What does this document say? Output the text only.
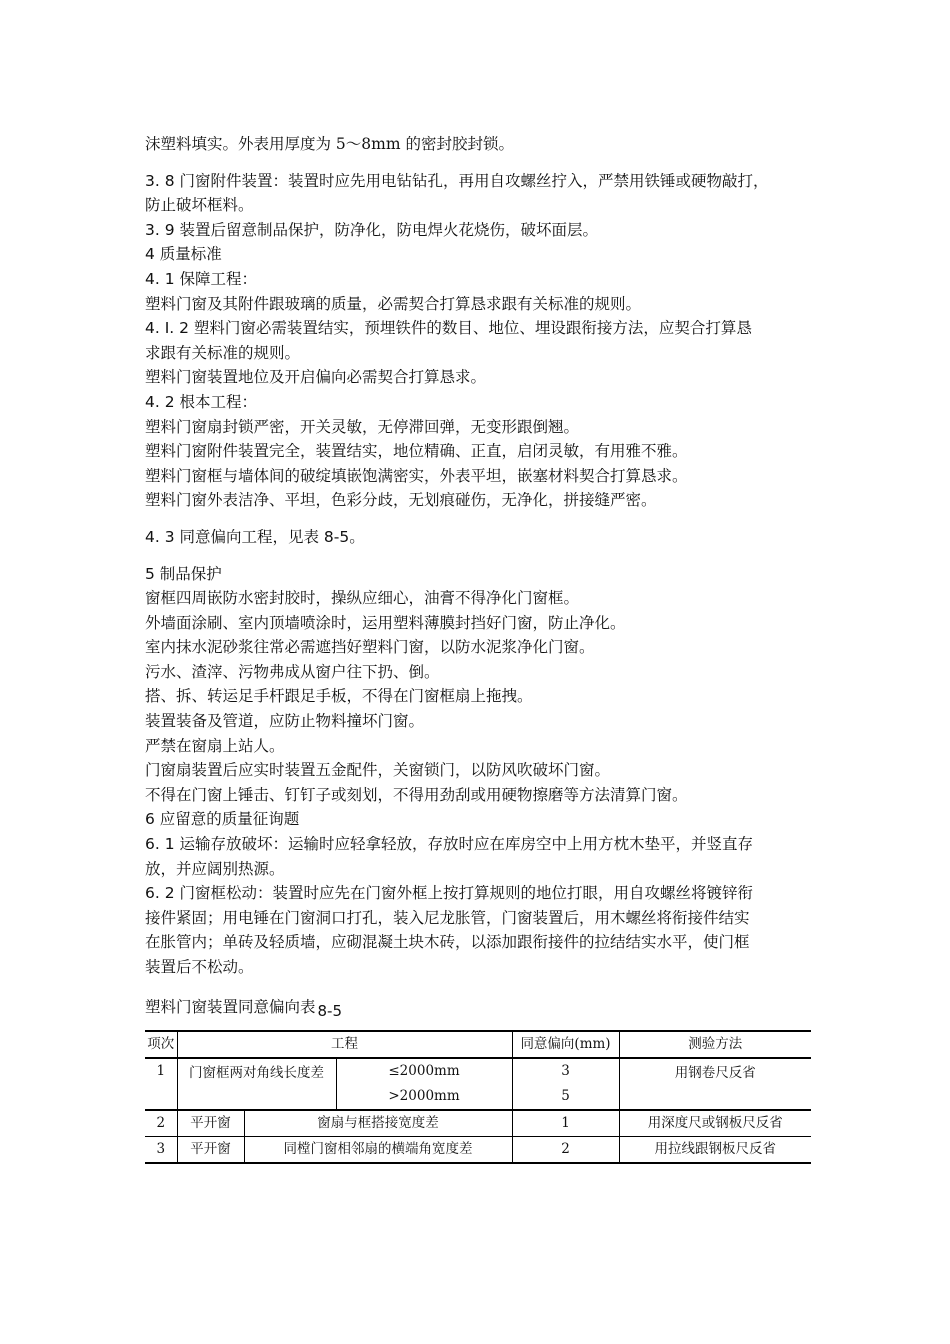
沫塑料填实。外表用厚度为 5～8mm 的密封胶封锁。
3. 8 门窗附件装置：装置时应先用电钻钻孔，再用自攻螺丝拧入，严禁用铁锤或硬物敲打，
防止破坏框料。
3. 9 装置后留意制品保护，防净化，防电焊火花烧伤，破坏面层。
4 质量标准
4. 1 保障工程：
塑料门窗及其附件跟玻璃的质量，必需契合打算恳求跟有关标准的规则。
4. I. 2 塑料门窗必需装置结实，预埋铁件的数目、地位、埋设跟衔接方法，应契合打算恳
求跟有关标准的规则。
塑料门窗装置地位及开启偏向必需契合打算恳求。
4. 2 根本工程：
塑料门窗扇封锁严密，开关灵敏，无停滞回弹，无变形跟倒翘。
塑料门窗附件装置完全，装置结实，地位精确、正直，启闭灵敏，有用雅不雅。
塑料门窗框与墙体间的破绽填嵌饱满密实，外表平坦，嵌塞材料契合打算恳求。
塑料门窗外表洁净、平坦，色彩分歧，无划痕碰伤，无净化，拼接缝严密。
4. 3 同意偏向工程，见表 8-5。
5 制品保护
窗框四周嵌防水密封胶时，操纵应细心，油膏不得净化门窗框。
外墙面涂刷、室内顶墙喷涂时，运用塑料薄膜封挡好门窗，防止净化。
室内抹水泥砂浆往常必需遮挡好塑料门窗，以防水泥浆净化门窗。
污水、渣滓、污物弗成从窗户往下扔、倒。
搭、拆、转运足手杆跟足手板，不得在门窗框扇上拖拽。
装置装备及管道，应防止物料撞坏门窗。
严禁在窗扇上站人。
门窗扇装置后应实时装置五金配件，关窗锁门，以防风吹破坏门窗。
不得在门窗上锤击、钉钉子或刻划，不得用劲刮或用硬物擦磨等方法清算门窗。
6 应留意的质量征询题
6. 1 运输存放破坏：运输时应轻拿轻放，存放时应在库房空中上用方枕木垫平，并竖直存
放，并应阔别热源。
6. 2 门窗框松动：装置时应先在门窗外框上按打算规则的地位打眼，用自攻螺丝将镀锌衔
接件紧固；用电锤在门窗洞口打孔，装入尼龙胀管，门窗装置后，用木螺丝将衔接件结实
在胀管内；单砖及轻质墙，应砌混凝土块木砖，以添加跟衔接件的拉结结实水平，使门框
装置后不松动。
塑料门窗装置同意偏向表 8-5
项次	工程			同意偏向(mm)	测验方法
1	门窗框两对角线长度差		≤2000mm	3	用钢卷尺反省
			>2000mm	5	
2	平开窗	窗扇与框搭接宽度差		1	用深度尺或钢板尺反省
3	平开窗	同樘门窗相邻扇的横端角宽度差		2	用拉线跟钢板尺反省
